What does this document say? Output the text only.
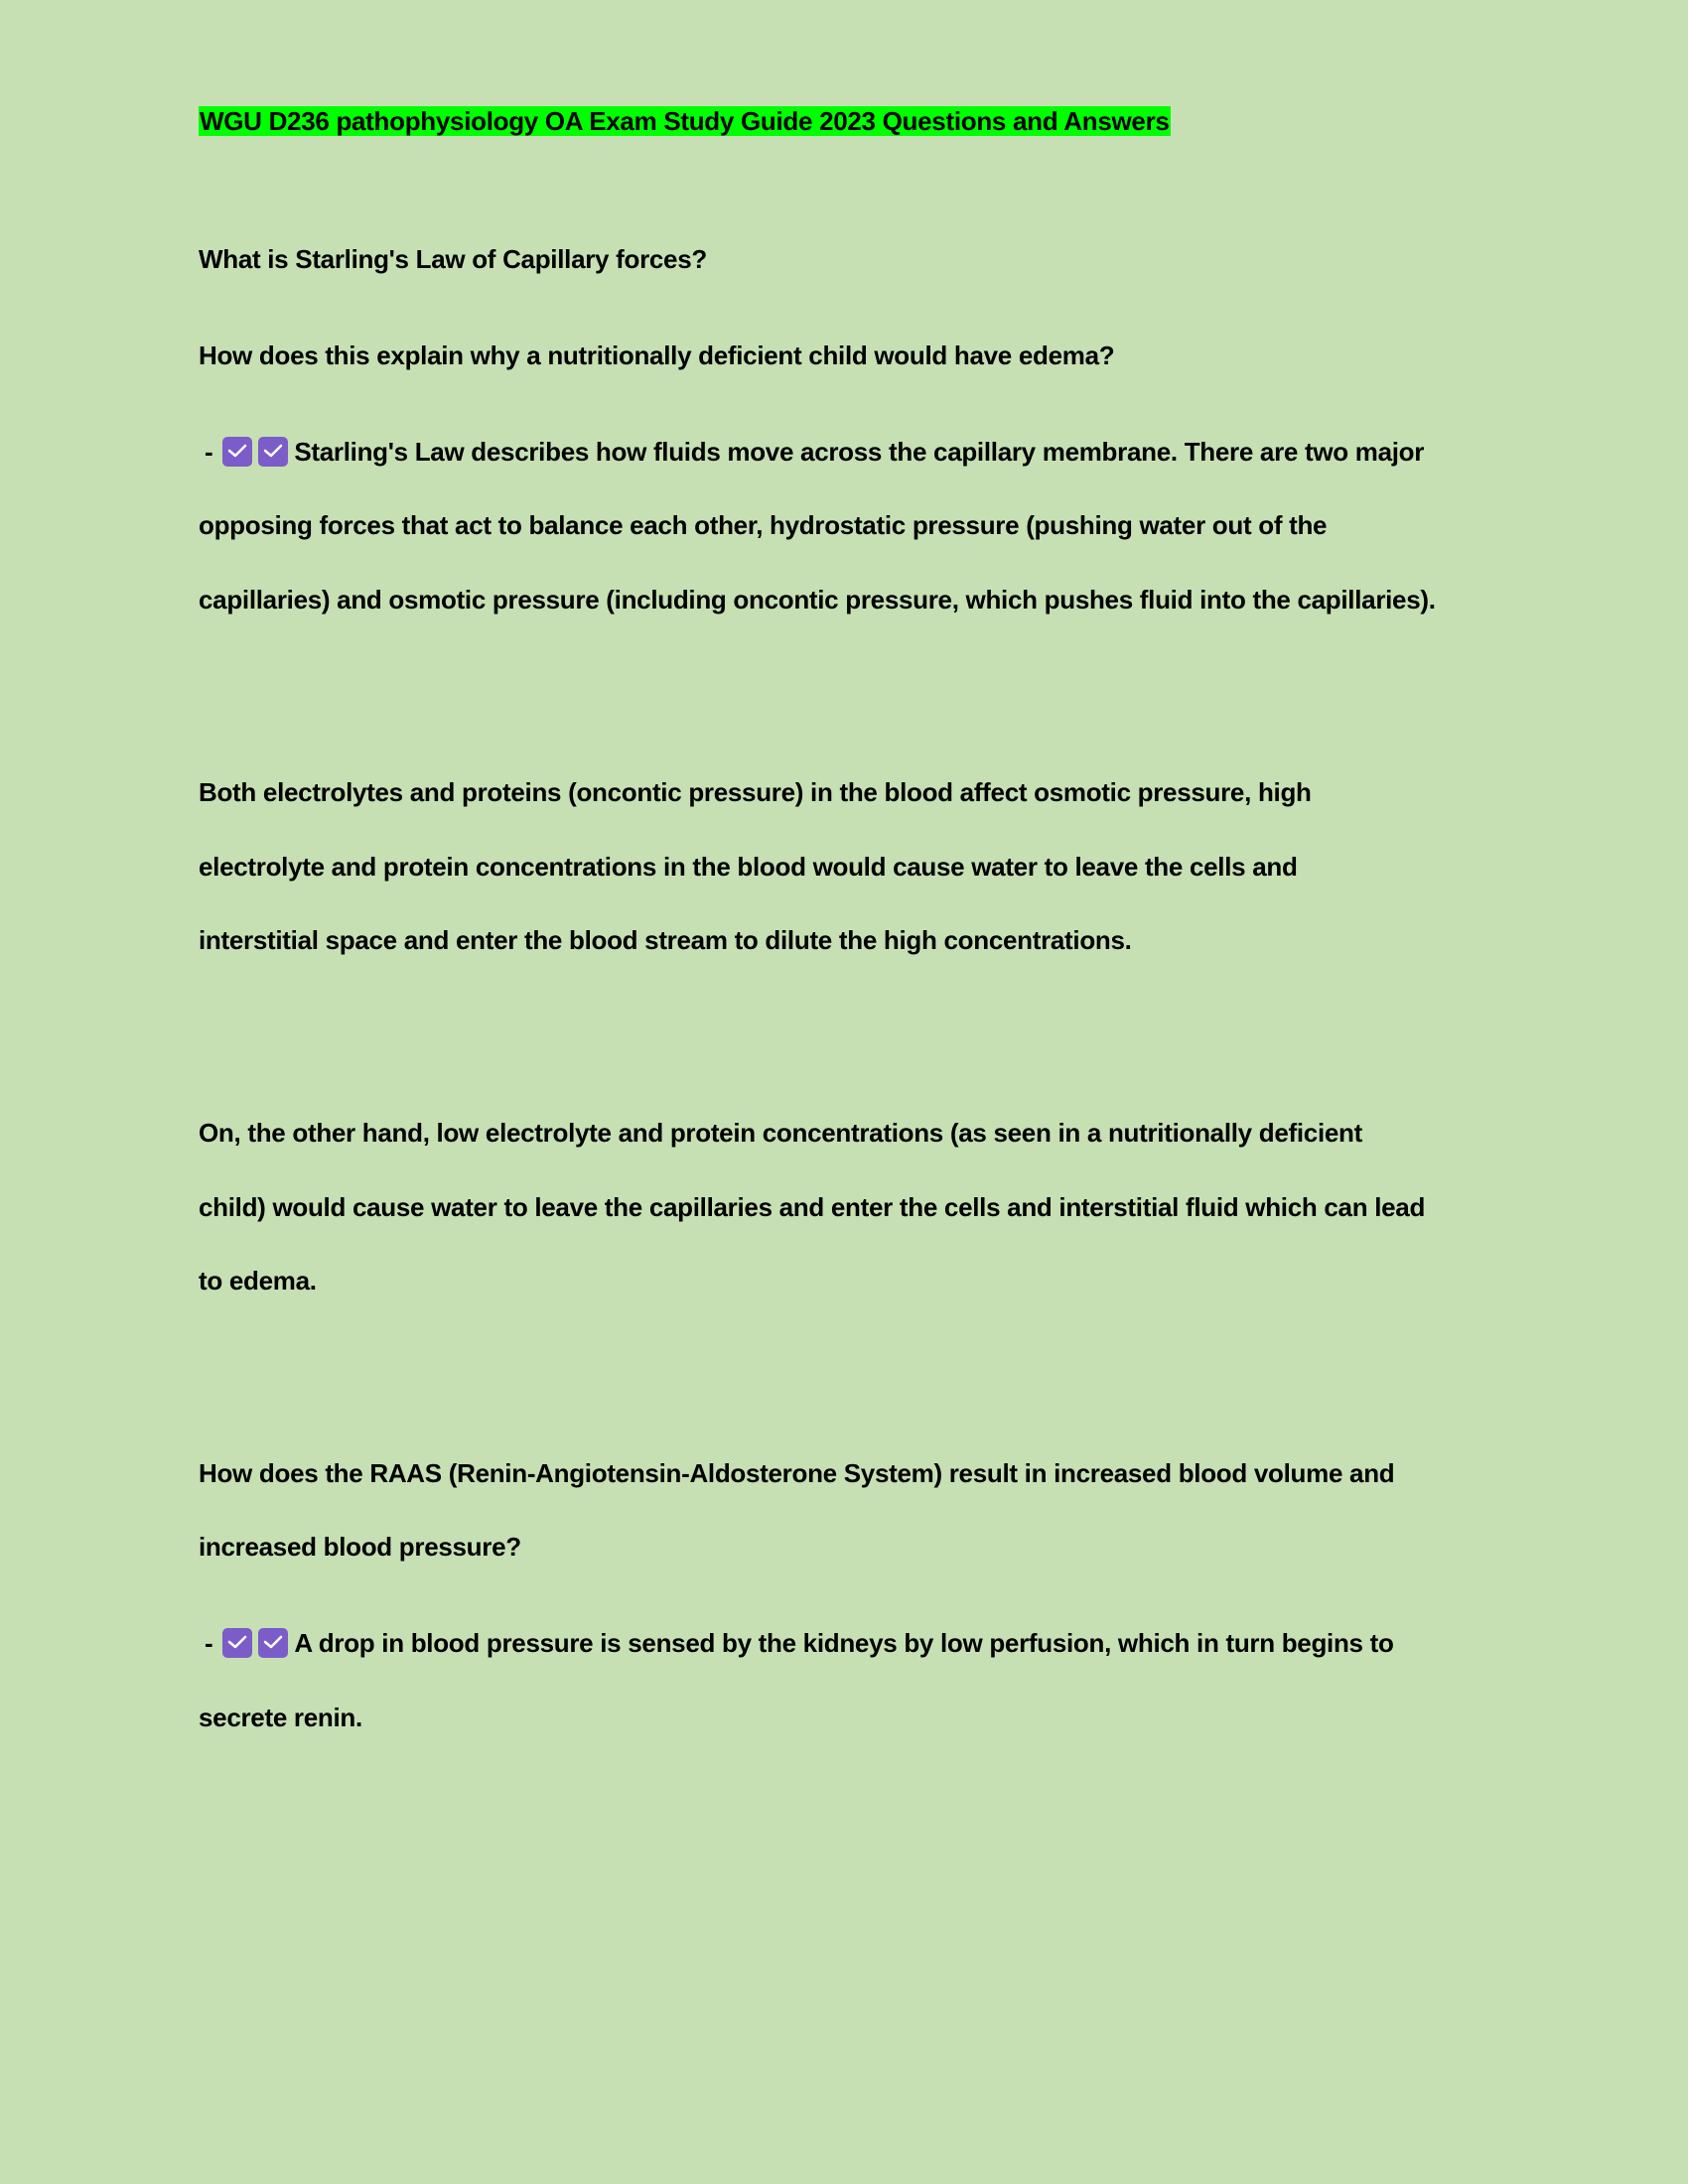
WGU D236 pathophysiology OA Exam Study Guide 2023 Questions and Answers
What is Starling's Law of Capillary forces?
How does this explain why a nutritionally deficient child would have edema?
-	Starling's Law describes how fluids move across the capillary membrane. There are two major
opposing forces that act to balance each other, hydrostatic pressure (pushing water out of the
capillaries) and osmotic pressure (including oncontic pressure, which pushes fluid into the capillaries).
Both electrolytes and proteins (oncontic pressure) in the blood affect osmotic pressure, high
electrolyte and protein concentrations in the blood would cause water to leave the cells and
interstitial space and enter the blood stream to dilute the high concentrations.
On, the other hand, low electrolyte and protein concentrations (as seen in a nutritionally deficient
child) would cause water to leave the capillaries and enter the cells and interstitial fluid which can lead
to edema.
How does the RAAS (Renin-Angiotensin-Aldosterone System) result in increased blood volume and
increased blood pressure?
-	A drop in blood pressure is sensed by the kidneys by low perfusion, which in turn begins to
secrete renin.
